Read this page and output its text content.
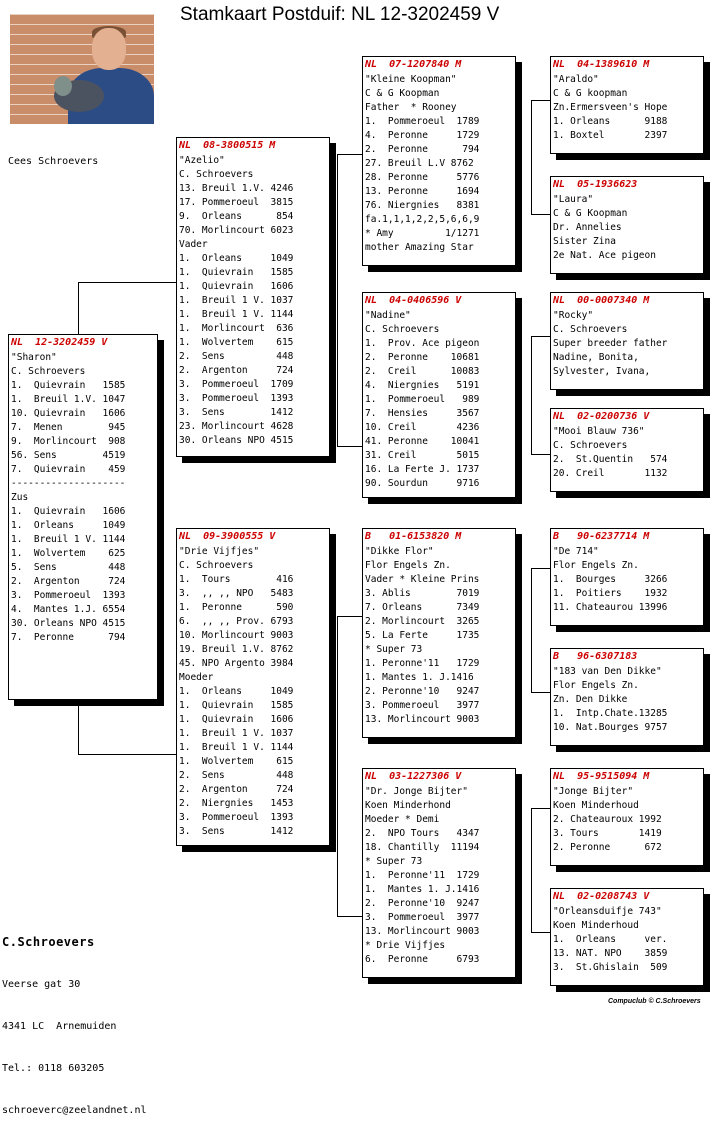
Stamkaart Postduif: NL 12-3202459 V
Cees Schroevers
NL  12-3202459 V
"Sharon"
C. Schroevers
1.  Quievrain   1585
1.  Breuil 1.V. 1047
10. Quievrain   1606
7.  Menen        945
9.  Morlincourt  908
56. Sens        4519
7.  Quievrain    459
--------------------
Zus
1.  Quievrain   1606
1.  Orleans     1049
1.  Breuil 1 V. 1144
1.  Wolvertem    625
5.  Sens         448
2.  Argenton     724
3.  Pommeroeul  1393
4.  Mantes 1.J. 6554
30. Orleans NPO 4515
7.  Peronne      794
NL  08-3800515 M
"Azelio"
C. Schroevers
13. Breuil 1.V. 4246
17. Pommeroeul  3815
9.  Orleans      854
70. Morlincourt 6023
Vader
1.  Orleans     1049
1.  Quievrain   1585
1.  Quievrain   1606
1.  Breuil 1 V. 1037
1.  Breuil 1 V. 1144
1.  Morlincourt  636
1.  Wolvertem    615
2.  Sens         448
2.  Argenton     724
3.  Pommeroeul  1709
3.  Pommeroeul  1393
3.  Sens        1412
23. Morlincourt 4628
30. Orleans NPO 4515
NL  09-3900555 V
"Drie Vijfjes"
C. Schroevers
1.  Tours        416
3.  ,, ,, NPO   5483
1.  Peronne      590
6.  ,, ,, Prov. 6793
10. Morlincourt 9003
19. Breuil 1.V. 8762
45. NPO Argento 3984
Moeder
1.  Orleans     1049
1.  Quievrain   1585
1.  Quievrain   1606
1.  Breuil 1 V. 1037
1.  Breuil 1 V. 1144
1.  Wolvertem    615
2.  Sens         448
2.  Argenton     724
2.  Niergnies   1453
3.  Pommeroeul  1393
3.  Sens        1412
NL  07-1207840 M
"Kleine Koopman"
C & G Koopman
Father  * Rooney
1.  Pommeroeul  1789
4.  Peronne     1729
2.  Peronne      794
27. Breuil L.V 8762
28. Peronne     5776
13. Peronne     1694
76. Niergnies   8381
fa.1,1,1,2,2,5,6,6,9
* Amy         1/1271
mother Amazing Star
NL  04-0406596 V
"Nadine"
C. Schroevers
1.  Prov. Ace pigeon
2.  Peronne    10681
2.  Creil      10083
4.  Niergnies   5191
1.  Pommeroeul   989
7.  Hensies     3567
10. Creil       4236
41. Peronne    10041
31. Creil       5015
16. La Ferte J. 1737
90. Sourdun     9716
B   01-6153820 M
"Dikke Flor"
Flor Engels Zn.
Vader * Kleine Prins
3. Ablis        7019
7. Orleans      7349
2. Morlincourt  3265
5. La Ferte     1735
* Super 73
1. Peronne'11   1729
1. Mantes 1. J.1416
2. Peronne'10   9247
3. Pommeroeul   3977
13. Morlincourt 9003
NL  03-1227306 V
"Dr. Jonge Bijter"
Koen Minderhond
Moeder * Demi
2.  NPO Tours   4347
18. Chantilly  11194
* Super 73
1.  Peronne'11  1729
1.  Mantes 1. J.1416
2.  Peronne'10  9247
3.  Pommeroeul  3977
13. Morlincourt 9003
* Drie Vijfjes
6.  Peronne     6793
NL  04-1389610 M
"Araldo"
C & G koopman
Zn.Ermersveen's Hope
1. Orleans      9188
1. Boxtel       2397
NL  05-1936623
"Laura"
C & G Koopman
Dr. Annelies
Sister Zina
2e Nat. Ace pigeon
NL  00-0007340 M
"Rocky"
C. Schroevers
Super breeder father
Nadine, Bonita,
Sylvester, Ivana,
NL  02-0200736 V
"Mooi Blauw 736"
C. Schroevers
2.  St.Quentin   574
20. Creil       1132
B   90-6237714 M
"De 714"
Flor Engels Zn.
1.  Bourges     3266
1.  Poitiers    1932
11. Chateaurou 13996
B   96-6307183
"183 van Den Dikke"
Flor Engels Zn.
Zn. Den Dikke
1.  Intp.Chate.13285
10. Nat.Bourges 9757
NL  95-9515094 M
"Jonge Bijter"
Koen Minderhoud
2. Chateauroux 1992
3. Tours       1419
2. Peronne      672
NL  02-0208743 V
"Orleansduifje 743"
Koen Minderhoud
1.  Orleans     ver.
13. NAT. NPO    3859
3.  St.Ghislain  509

C.Schroevers

Veerse gat 30

4341 LC  Arnemuiden

Tel.: 0118 603205

schroeverc@zeelandnet.nl

Compuclub © C.Schroevers
